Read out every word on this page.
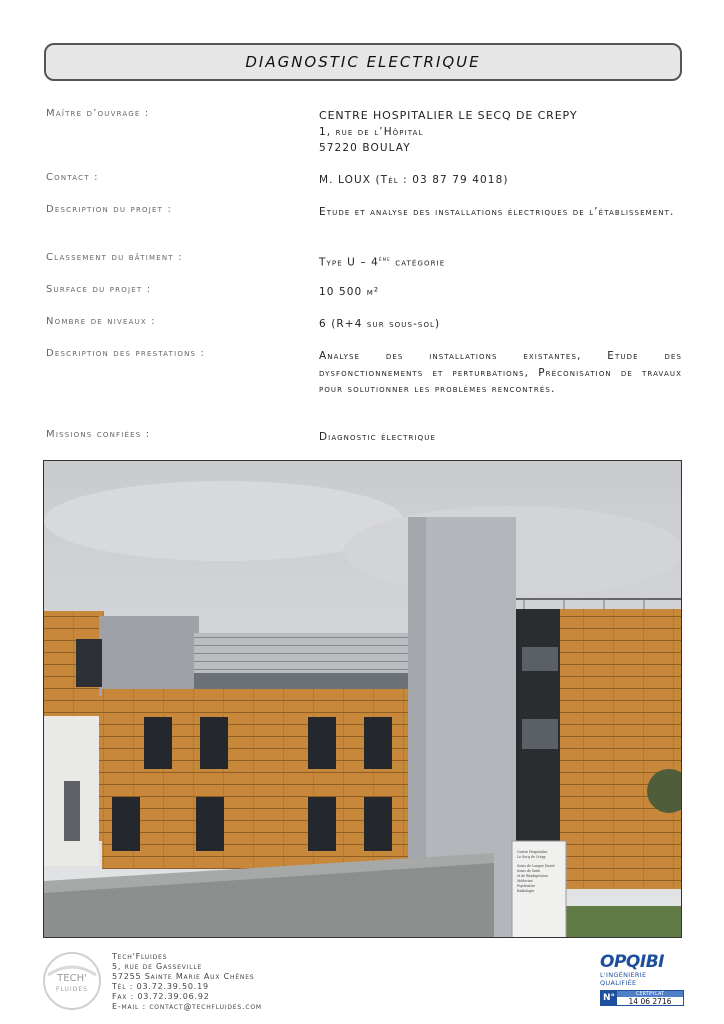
DIAGNOSTIC ELECTRIQUE
Maître d’ouvrage :	CENTRE HOSPITALIER LE SECQ DE CREPY
1, rue de l’Hôpital
57220 BOULAY
Contact :	M. LOUX (Tél : 03 87 79 4018)
Description du projet :	Etude et analyse des installations électriques de l’établissement.
Classement du bâtiment :	Type U – 4ème catégorie
Surface du projet :	10 500 m²
Nombre de niveaux :	6 (R+4 sur sous-sol)
Description des prestations :	Analyse des installations existantes, Etude des dysfonctionnements et perturbations, Préconisation de travaux pour solutionner les problèmes rencontrés.
Missions confiées :	Diagnostic électrique
Centre Hospitalier
Le Secq de Crépy
Soins de Longue Durée
Soins de Suite
et de Réadaptation
Médecine
Psychiatrie
Radiologie
TECH'
FLUIDES
Tech'Fluides
5, rue de Gasseville
57255 Sainte Marie Aux Chênes
Tél : 03.72.39.50.19
Fax : 03.72.39.06.92
E-mail : contact@techfluides.com
OPQIBI
L'INGÉNIERIE QUALIFIÉE
N°	CERTIFICAT
14 06 2716
